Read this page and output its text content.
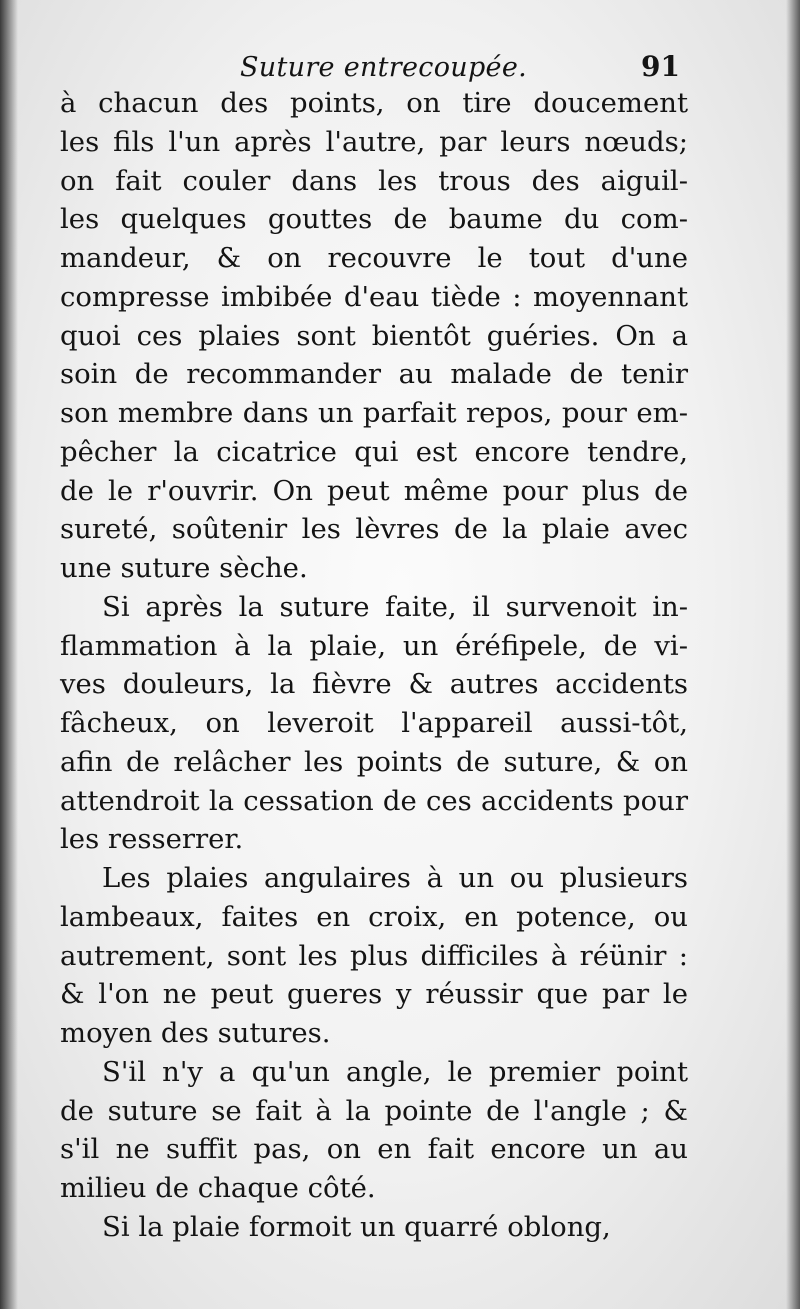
Suture entrecoupée.	91
à chacun des points, on tire doucement
les fils l'un après l'autre, par leurs nœuds;
on fait couler dans les trous des aiguil-
les quelques gouttes de baume du com-
mandeur, & on recouvre le tout d'une
compresse imbibée d'eau tiède : moyennant
quoi ces plaies sont bientôt guéries. On a
soin de recommander au malade de tenir
son membre dans un parfait repos, pour em-
pêcher la cicatrice qui est encore tendre,
de le r'ouvrir. On peut même pour plus de
sureté, soûtenir les lèvres de la plaie avec
une suture sèche.
Si après la suture faite, il survenoit in-
flammation à la plaie, un éréfipele, de vi-
ves douleurs, la fièvre & autres accidents
fâcheux, on leveroit l'appareil aussi-tôt,
afin de relâcher les points de suture, & on
attendroit la cessation de ces accidents pour
les resserrer.
Les plaies angulaires à un ou plusieurs
lambeaux, faites en croix, en potence, ou
autrement, sont les plus difficiles à réünir :
& l'on ne peut gueres y réussir que par le
moyen des sutures.
S'il n'y a qu'un angle, le premier point
de suture se fait à la pointe de l'angle ; &
s'il ne suffit pas, on en fait encore un au
milieu de chaque côté.
Si la plaie formoit un quarré oblong,
